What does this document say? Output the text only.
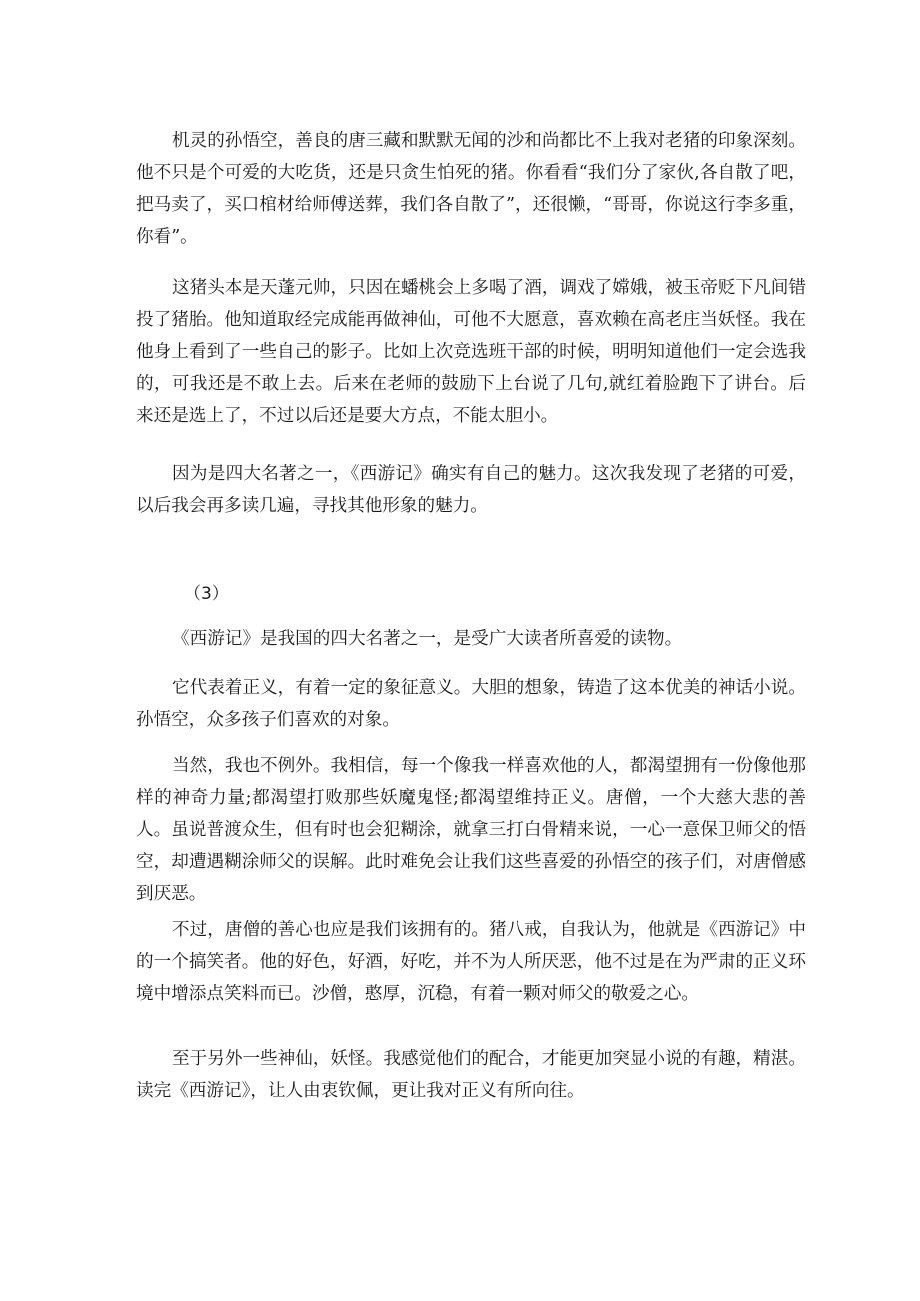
机灵的孙悟空，善良的唐三藏和默默无闻的沙和尚都比不上我对老猪的印象深刻。他不只是个可爱的大吃货，还是只贪生怕死的猪。你看看“我们分了家伙,各自散了吧，把马卖了，买口棺材给师傅送葬，我们各自散了”，还很懒，“哥哥，你说这行李多重，你看”。

这猪头本是天蓬元帅，只因在蟠桃会上多喝了酒，调戏了嫦娥，被玉帝贬下凡间错投了猪胎。他知道取经完成能再做神仙，可他不大愿意，喜欢赖在高老庄当妖怪。我在他身上看到了一些自己的影子。比如上次竞选班干部的时候，明明知道他们一定会选我的，可我还是不敢上去。后来在老师的鼓励下上台说了几句,就红着脸跑下了讲台。后来还是选上了，不过以后还是要大方点，不能太胆小。

因为是四大名著之一，《西游记》确实有自己的魅力。这次我发现了老猪的可爱，以后我会再多读几遍，寻找其他形象的魅力。

（3）

《西游记》是我国的四大名著之一，是受广大读者所喜爱的读物。

它代表着正义，有着一定的象征意义。大胆的想象，铸造了这本优美的神话小说。孙悟空，众多孩子们喜欢的对象。

当然，我也不例外。我相信，每一个像我一样喜欢他的人，都渴望拥有一份像他那样的神奇力量;都渴望打败那些妖魔鬼怪;都渴望维持正义。唐僧，一个大慈大悲的善人。虽说普渡众生，但有时也会犯糊涂，就拿三打白骨精来说，一心一意保卫师父的悟空，却遭遇糊涂师父的误解。此时难免会让我们这些喜爱的孙悟空的孩子们，对唐僧感到厌恶。

不过，唐僧的善心也应是我们该拥有的。猪八戒，自我认为，他就是《西游记》中的一个搞笑者。他的好色，好酒，好吃，并不为人所厌恶，他不过是在为严肃的正义环境中增添点笑料而已。沙僧，憨厚，沉稳，有着一颗对师父的敬爱之心。

至于另外一些神仙，妖怪。我感觉他们的配合，才能更加突显小说的有趣，精湛。读完《西游记》，让人由衷钦佩，更让我对正义有所向往。
